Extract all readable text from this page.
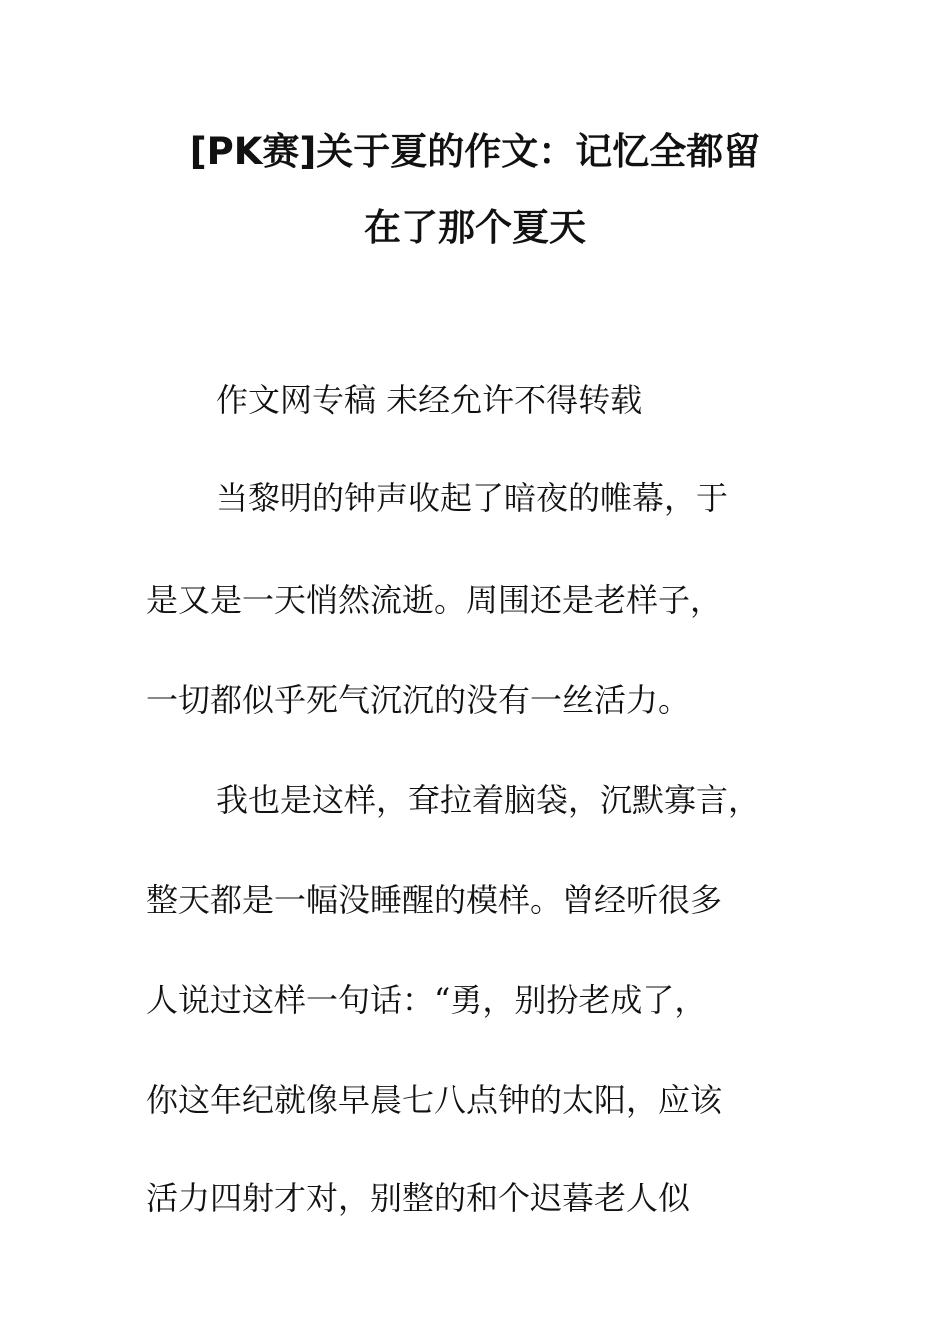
[PK赛]关于夏的作文：记忆全都留
在了那个夏天
作文网专稿 未经允许不得转载
当黎明的钟声收起了暗夜的帷幕，于
是又是一天悄然流逝。周围还是老样子，
一切都似乎死气沉沉的没有一丝活力。
我也是这样，耷拉着脑袋，沉默寡言，
整天都是一幅没睡醒的模样。曾经听很多
人说过这样一句话：“勇，别扮老成了，
你这年纪就像早晨七八点钟的太阳，应该
活力四射才对，别整的和个迟暮老人似
